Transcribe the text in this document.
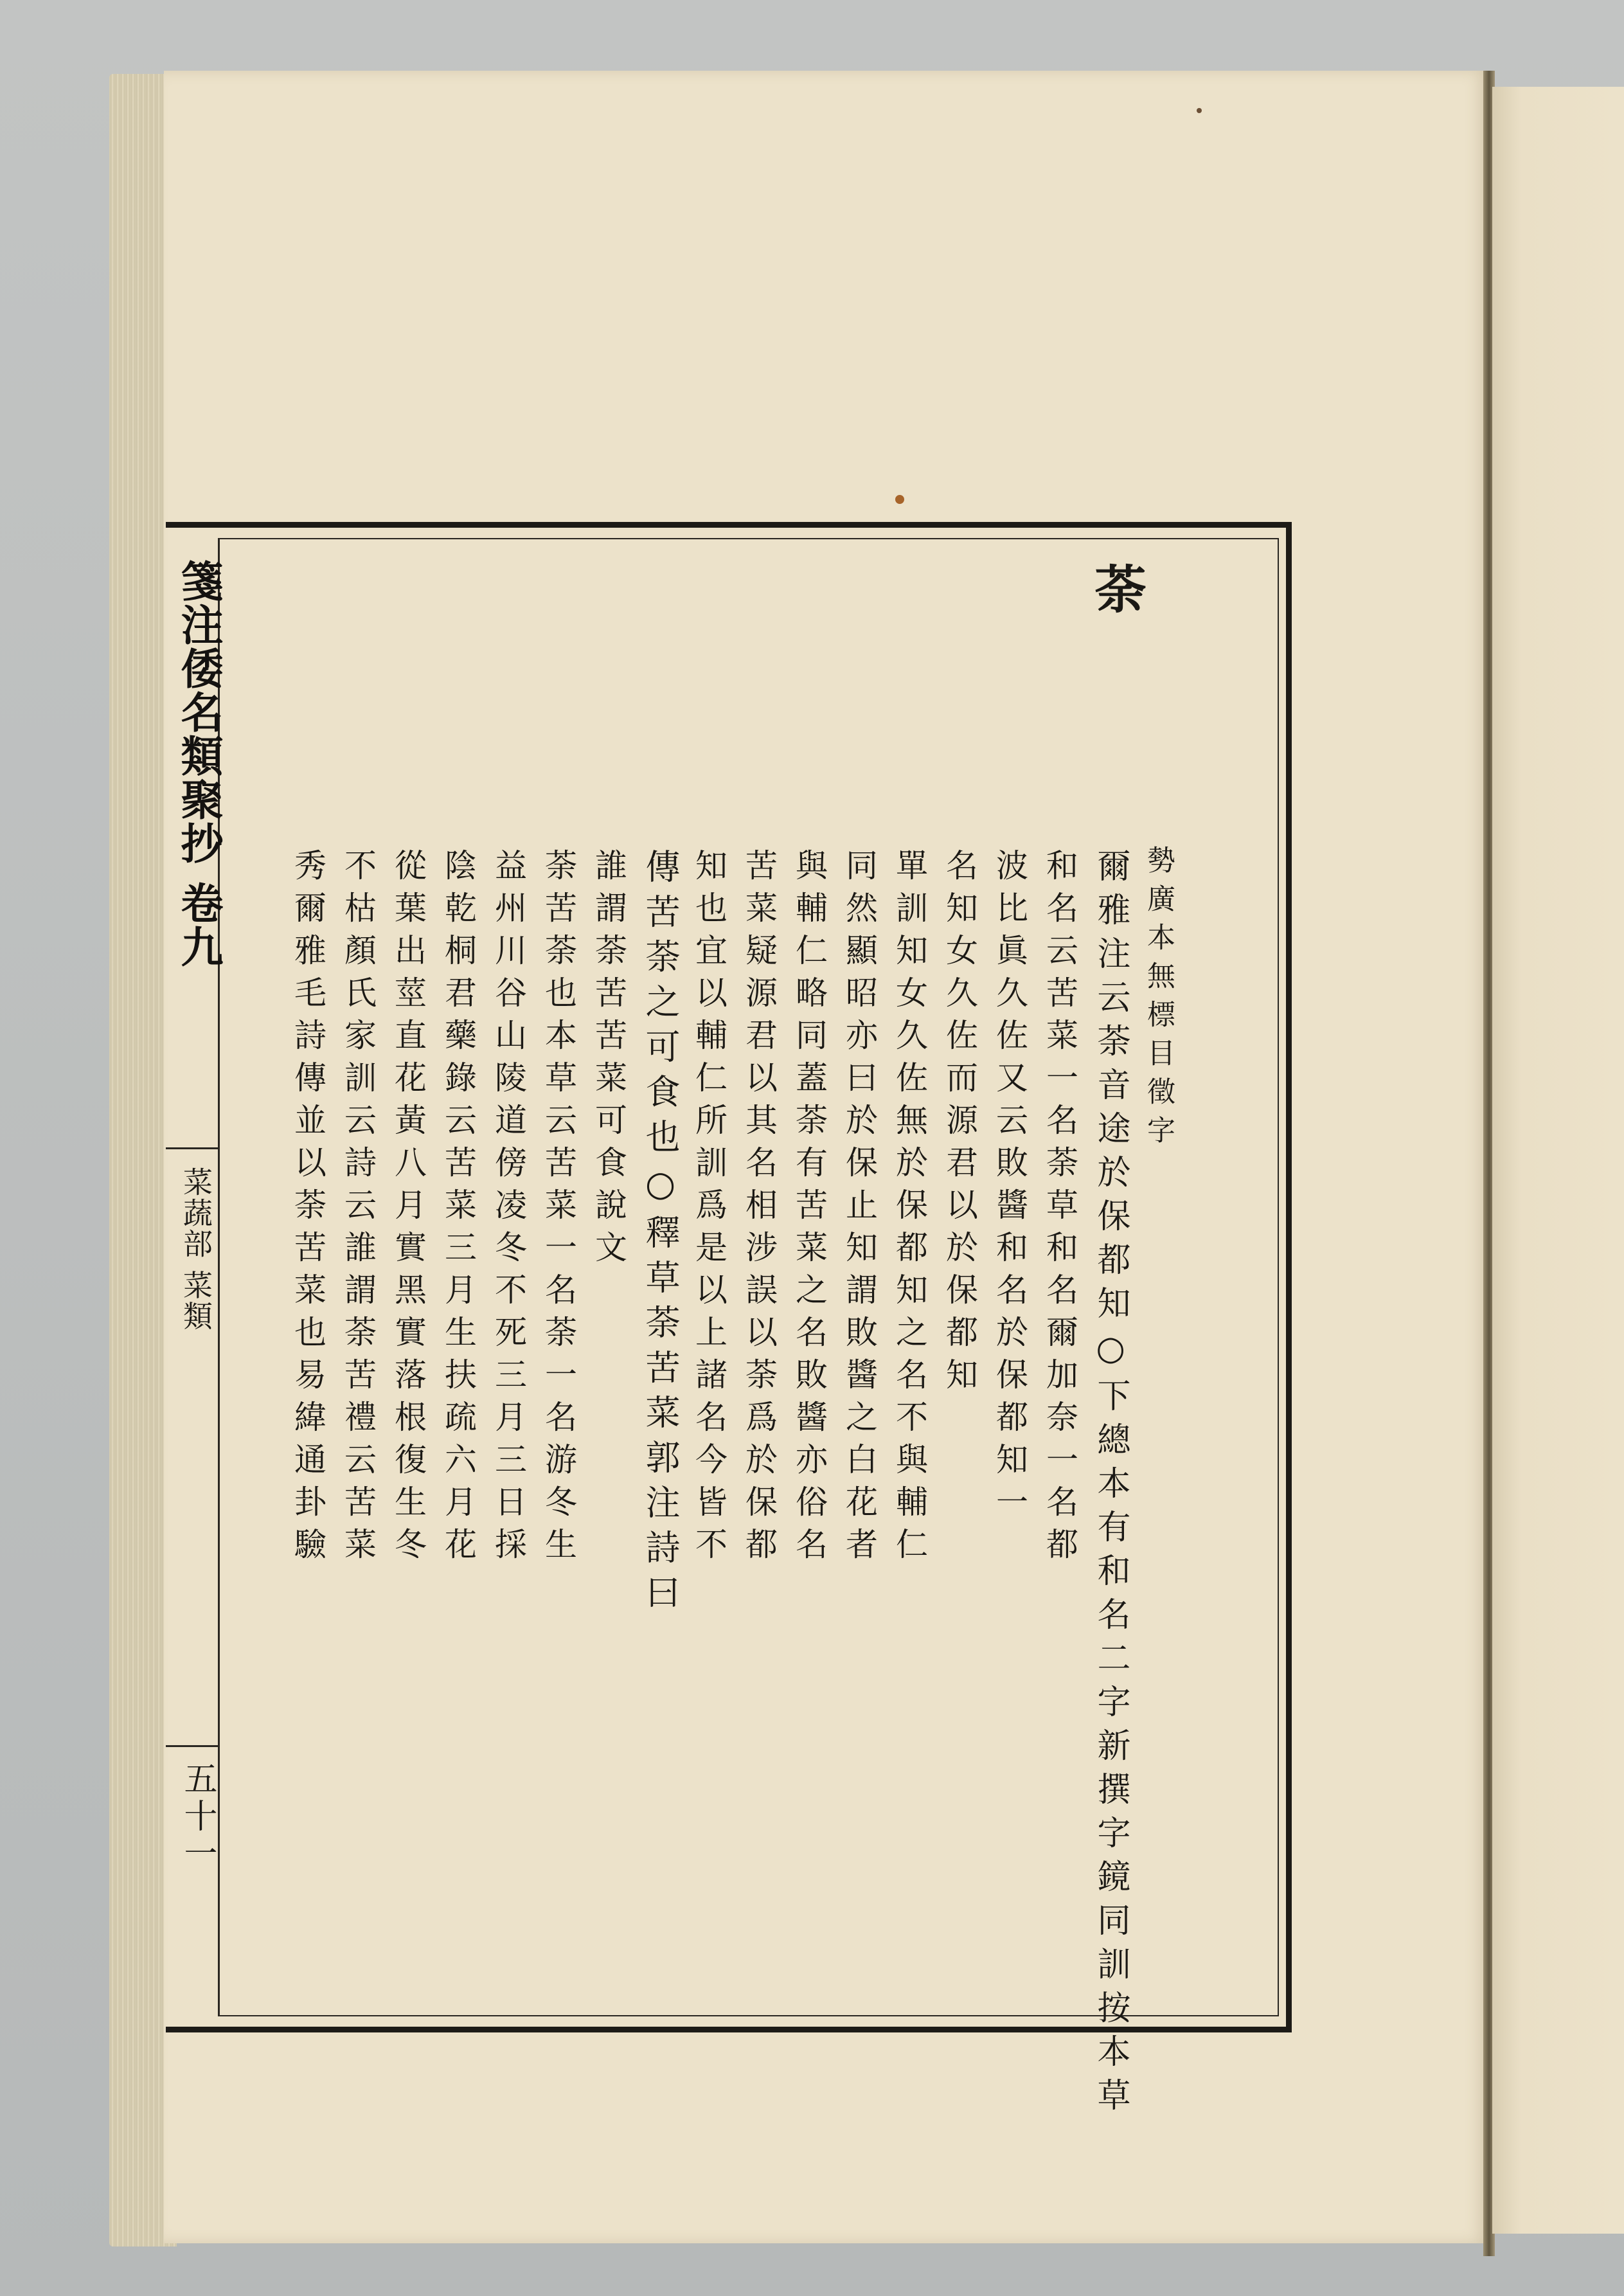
箋注倭名類聚抄 卷九

菜蔬部 菜類

五十一

荼

勢廣本無標目徵字

爾雅注云荼音途於保都知○下總本有和名二字新撰字鏡同訓按本草

和名云苦菜一名荼草和名爾加奈一名都

波比眞久佐又云敗醬和名於保都知一

名知女久佐而源君以於保都知

單訓知女久佐無於保都知之名不與輔仁

同然顯昭亦曰於保止知謂敗醬之白花者

與輔仁略同蓋荼有苦菜之名敗醬亦俗名

苦菜疑源君以其名相涉誤以荼爲於保都

知也宜以輔仁所訓爲是以上諸名今皆不

傳苦荼之可食也○釋草荼苦菜郭注詩曰

誰謂荼苦苦菜可食說文

荼苦荼也本草云苦菜一名荼一名游冬生

益州川谷山陵道傍凌冬不死三月三日採

陰乾桐君藥錄云苦菜三月生扶疏六月花

從葉出莖直花黃八月實黑實落根復生冬

不枯顏氏家訓云詩云誰謂荼苦禮云苦菜

秀爾雅毛詩傳並以荼苦菜也易緯通卦驗
